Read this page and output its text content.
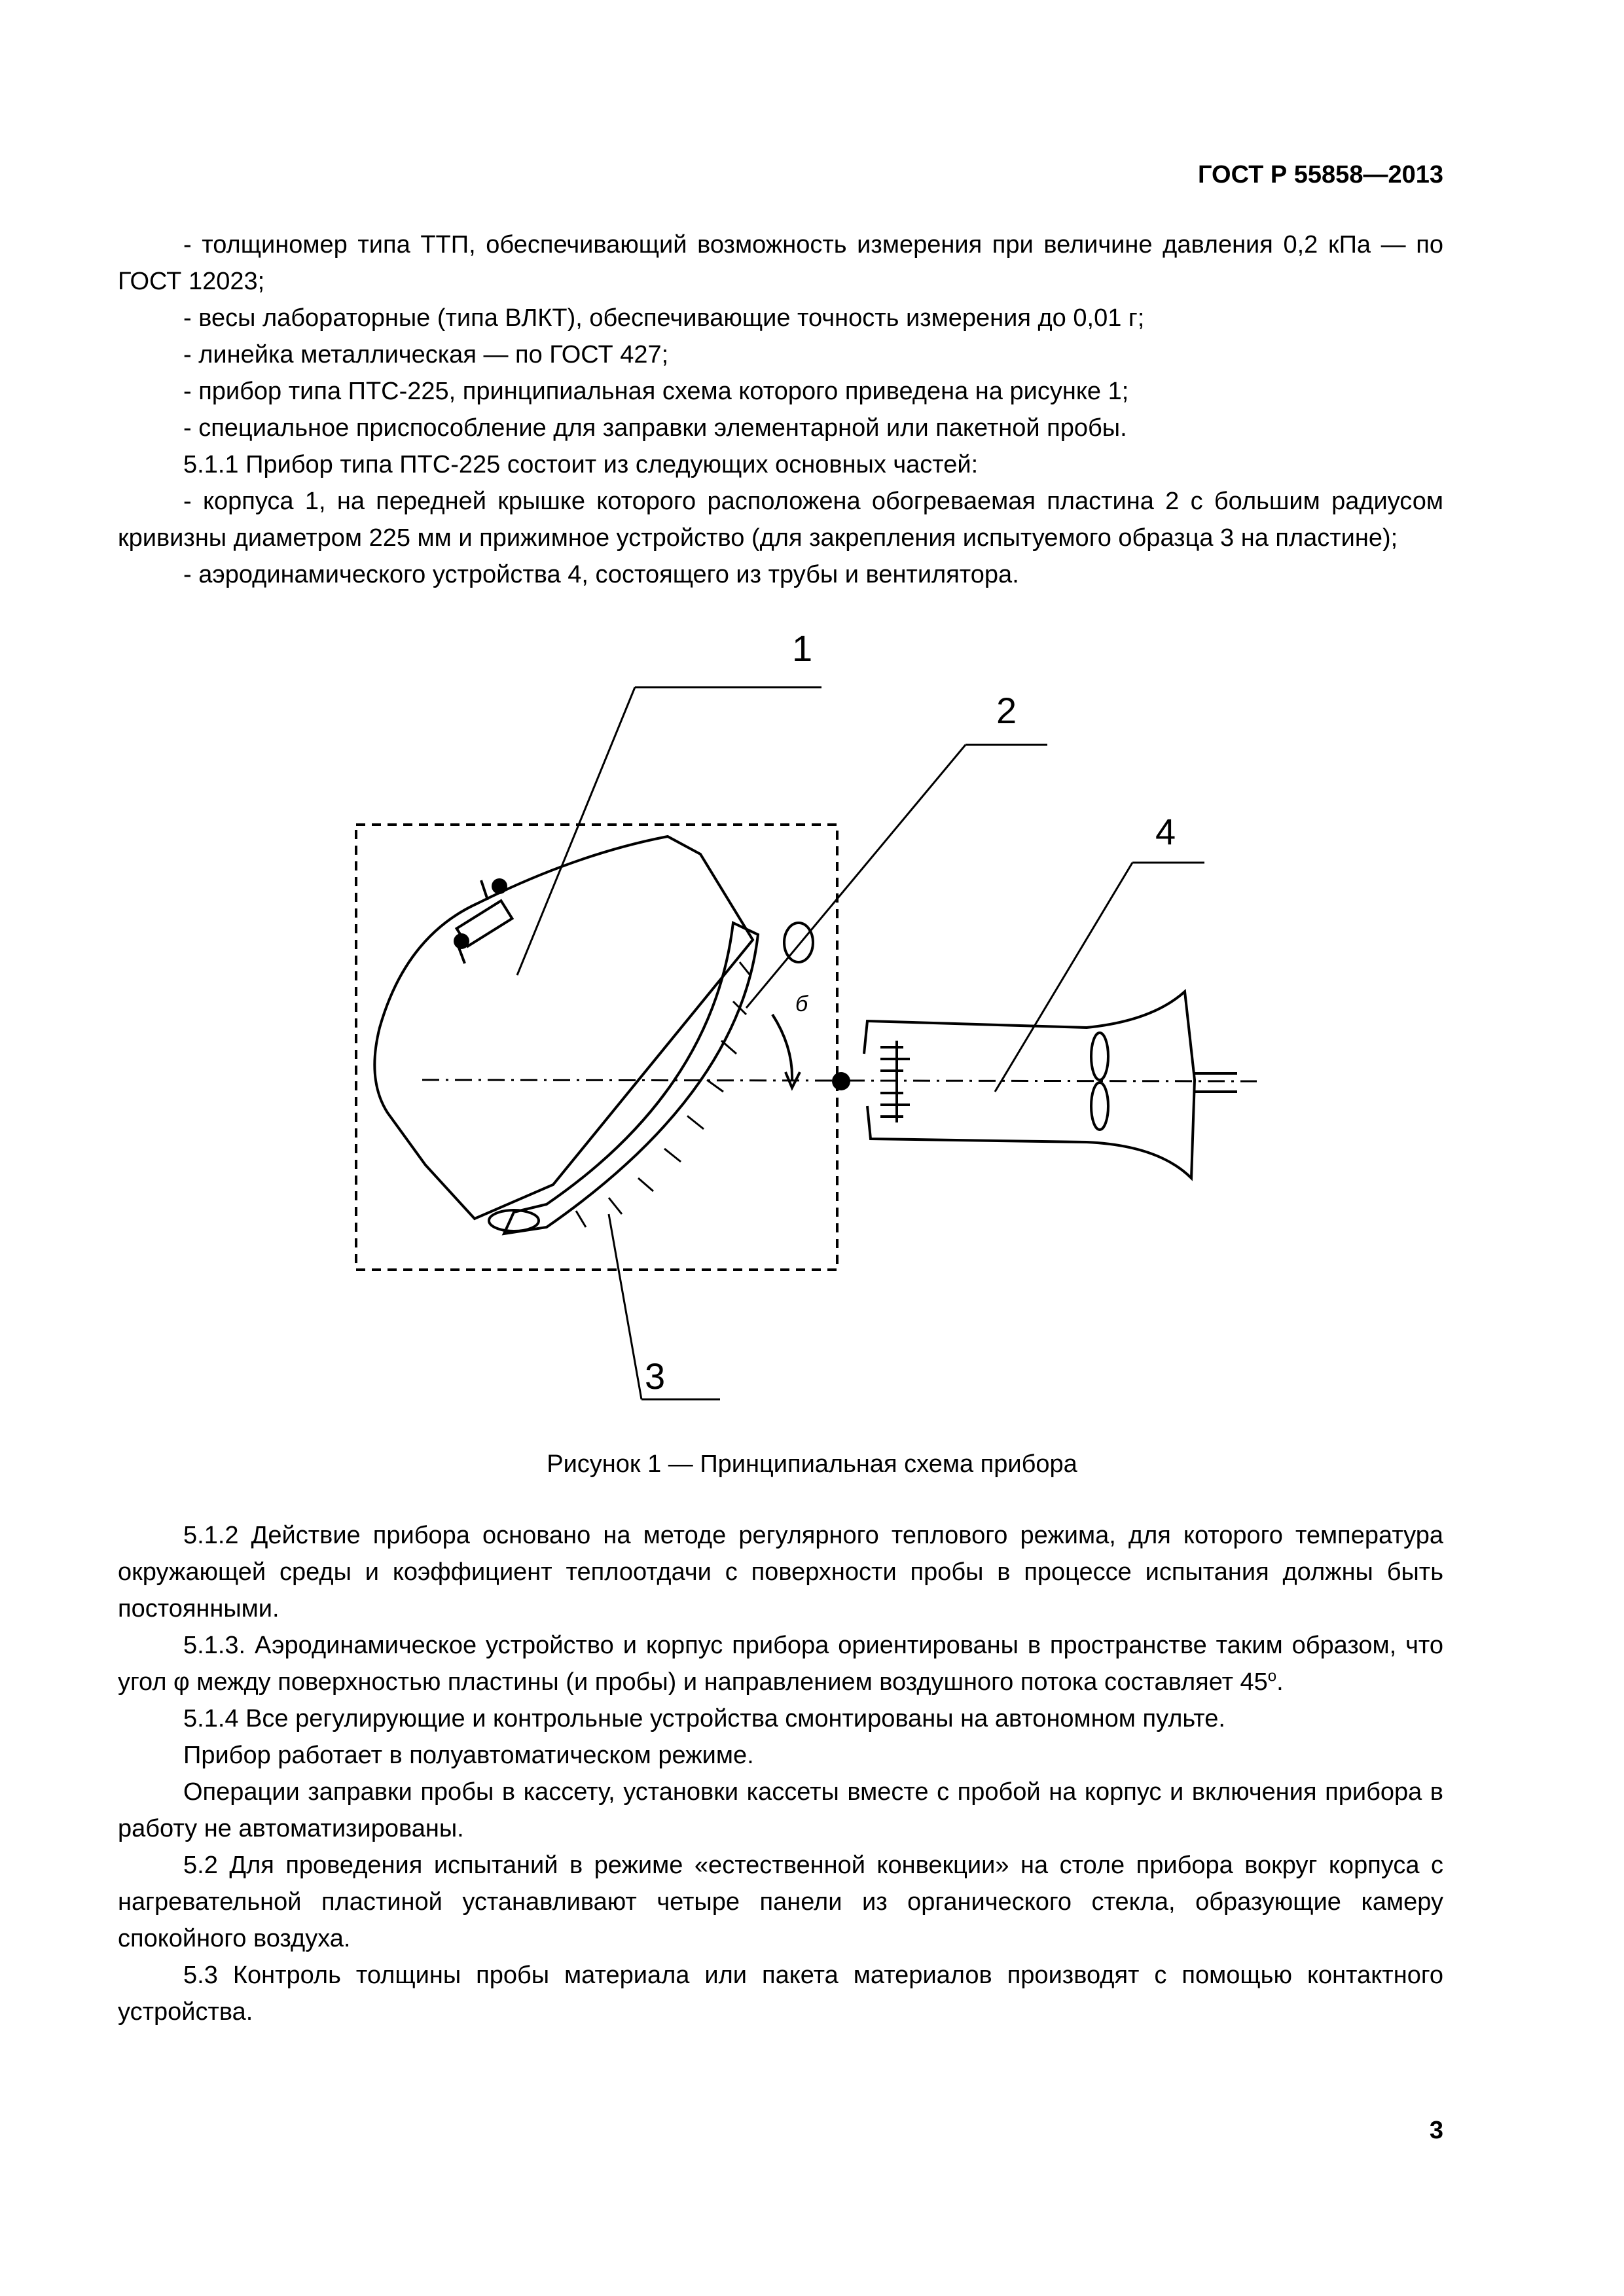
ГОСТ Р 55858—2013

- толщиномер типа ТТП, обеспечивающий возможность измерения при величине давления 0,2 кПа — по ГОСТ 12023;

- весы лабораторные (типа ВЛКТ), обеспечивающие точность измерения до 0,01 г;

- линейка металлическая — по ГОСТ 427;

- прибор типа ПТС-225, принципиальная схема которого приведена на рисунке 1;

- специальное приспособление для заправки элементарной или пакетной пробы.

5.1.1 Прибор типа ПТС-225 состоит из следующих основных частей:

- корпуса 1, на передней крышке которого расположена обогреваемая пластина 2 с большим радиусом кривизны диаметром 225 мм и прижимное устройство (для закрепления испытуемого образца 3 на пластине);

- аэродинамического устройства 4, состоящего из трубы и вентилятора.

1
2
4
3
б
Рисунок 1 — Принципиальная схема прибора

5.1.2 Действие прибора основано на методе регулярного теплового режима, для которого температура окружающей среды и коэффициент теплоотдачи с поверхности пробы в процессе испытания должны быть постоянными.

5.1.3. Аэродинамическое устройство и корпус прибора ориентированы в пространстве таким образом, что угол φ между поверхностью пластины (и пробы) и направлением воздушного потока составляет $45^о$.

5.1.4 Все регулирующие и контрольные устройства смонтированы на автономном пульте.

Прибор работает в полуавтоматическом режиме.

Операции заправки пробы в кассету, установки кассеты вместе с пробой на корпус и включения прибора в работу не автоматизированы.

5.2 Для проведения испытаний в режиме «естественной конвекции» на столе прибора вокруг корпуса с нагревательной пластиной устанавливают четыре панели из органического стекла, образующие камеру спокойного воздуха.

5.3 Контроль толщины пробы материала или пакета материалов производят с помощью контактного устройства.

3
